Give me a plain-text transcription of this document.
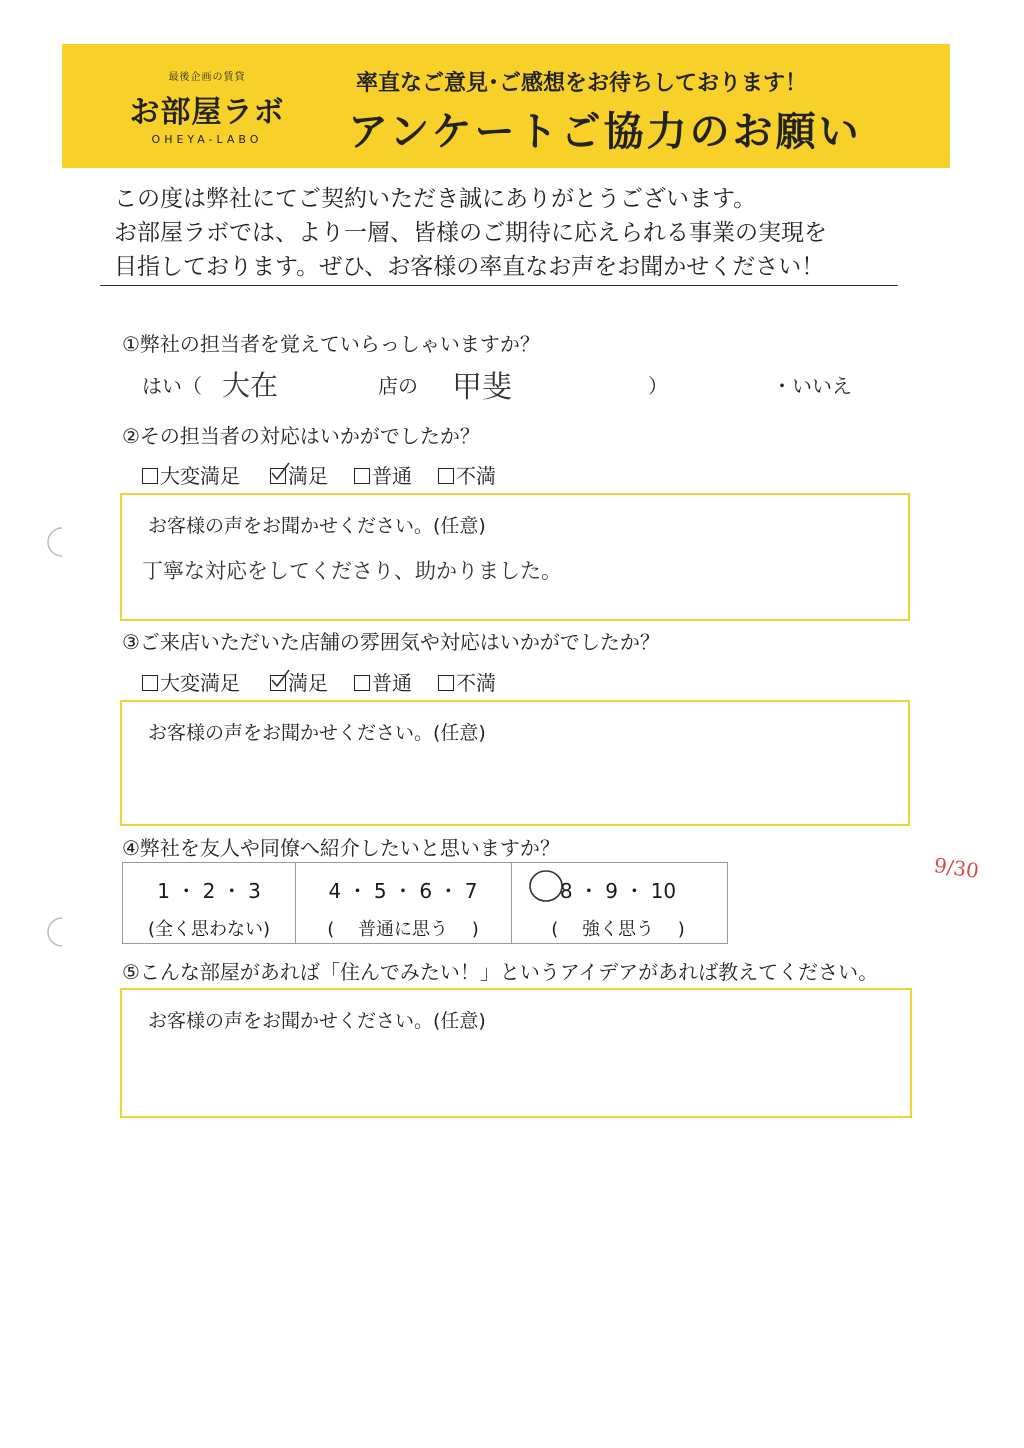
最後企画の賃貸
お部屋ラボ
OHEYA-LABO
率直なご意見･ご感想をお待ちしております！
アンケートご協力のお願い
この度は弊社にてご契約いただき誠にありがとうございます。
お部屋ラボでは、より一層、皆様のご期待に応えられる事業の実現を
目指しております。ぜひ、お客様の率直なお声をお聞かせください！
①弊社の担当者を覚えていらっしゃいますか？
はい（ 大在	店の 甲斐	）	・いいえ
②その担当者の対応はいかがでしたか？
大変満足	満足	普通	不満
お客様の声をお聞かせください。(任意)
丁寧な対応をしてくださり、助かりました。
③ご来店いただいた店舗の雰囲気や対応はいかがでしたか？
大変満足	満足	普通	不満
お客様の声をお聞かせください。(任意)
④弊社を友人や同僚へ紹介したいと思いますか？
1 ・ 2 ・ 3
(全く思わない)
4 ・ 5 ・ 6 ・ 7
(　 普通に思う 　)
8 ・ 9 ・ 10
(　 強く思う 　)
9/30
⑤こんな部屋があれば「住んでみたい！」というアイデアがあれば教えてください。
お客様の声をお聞かせください。(任意)
